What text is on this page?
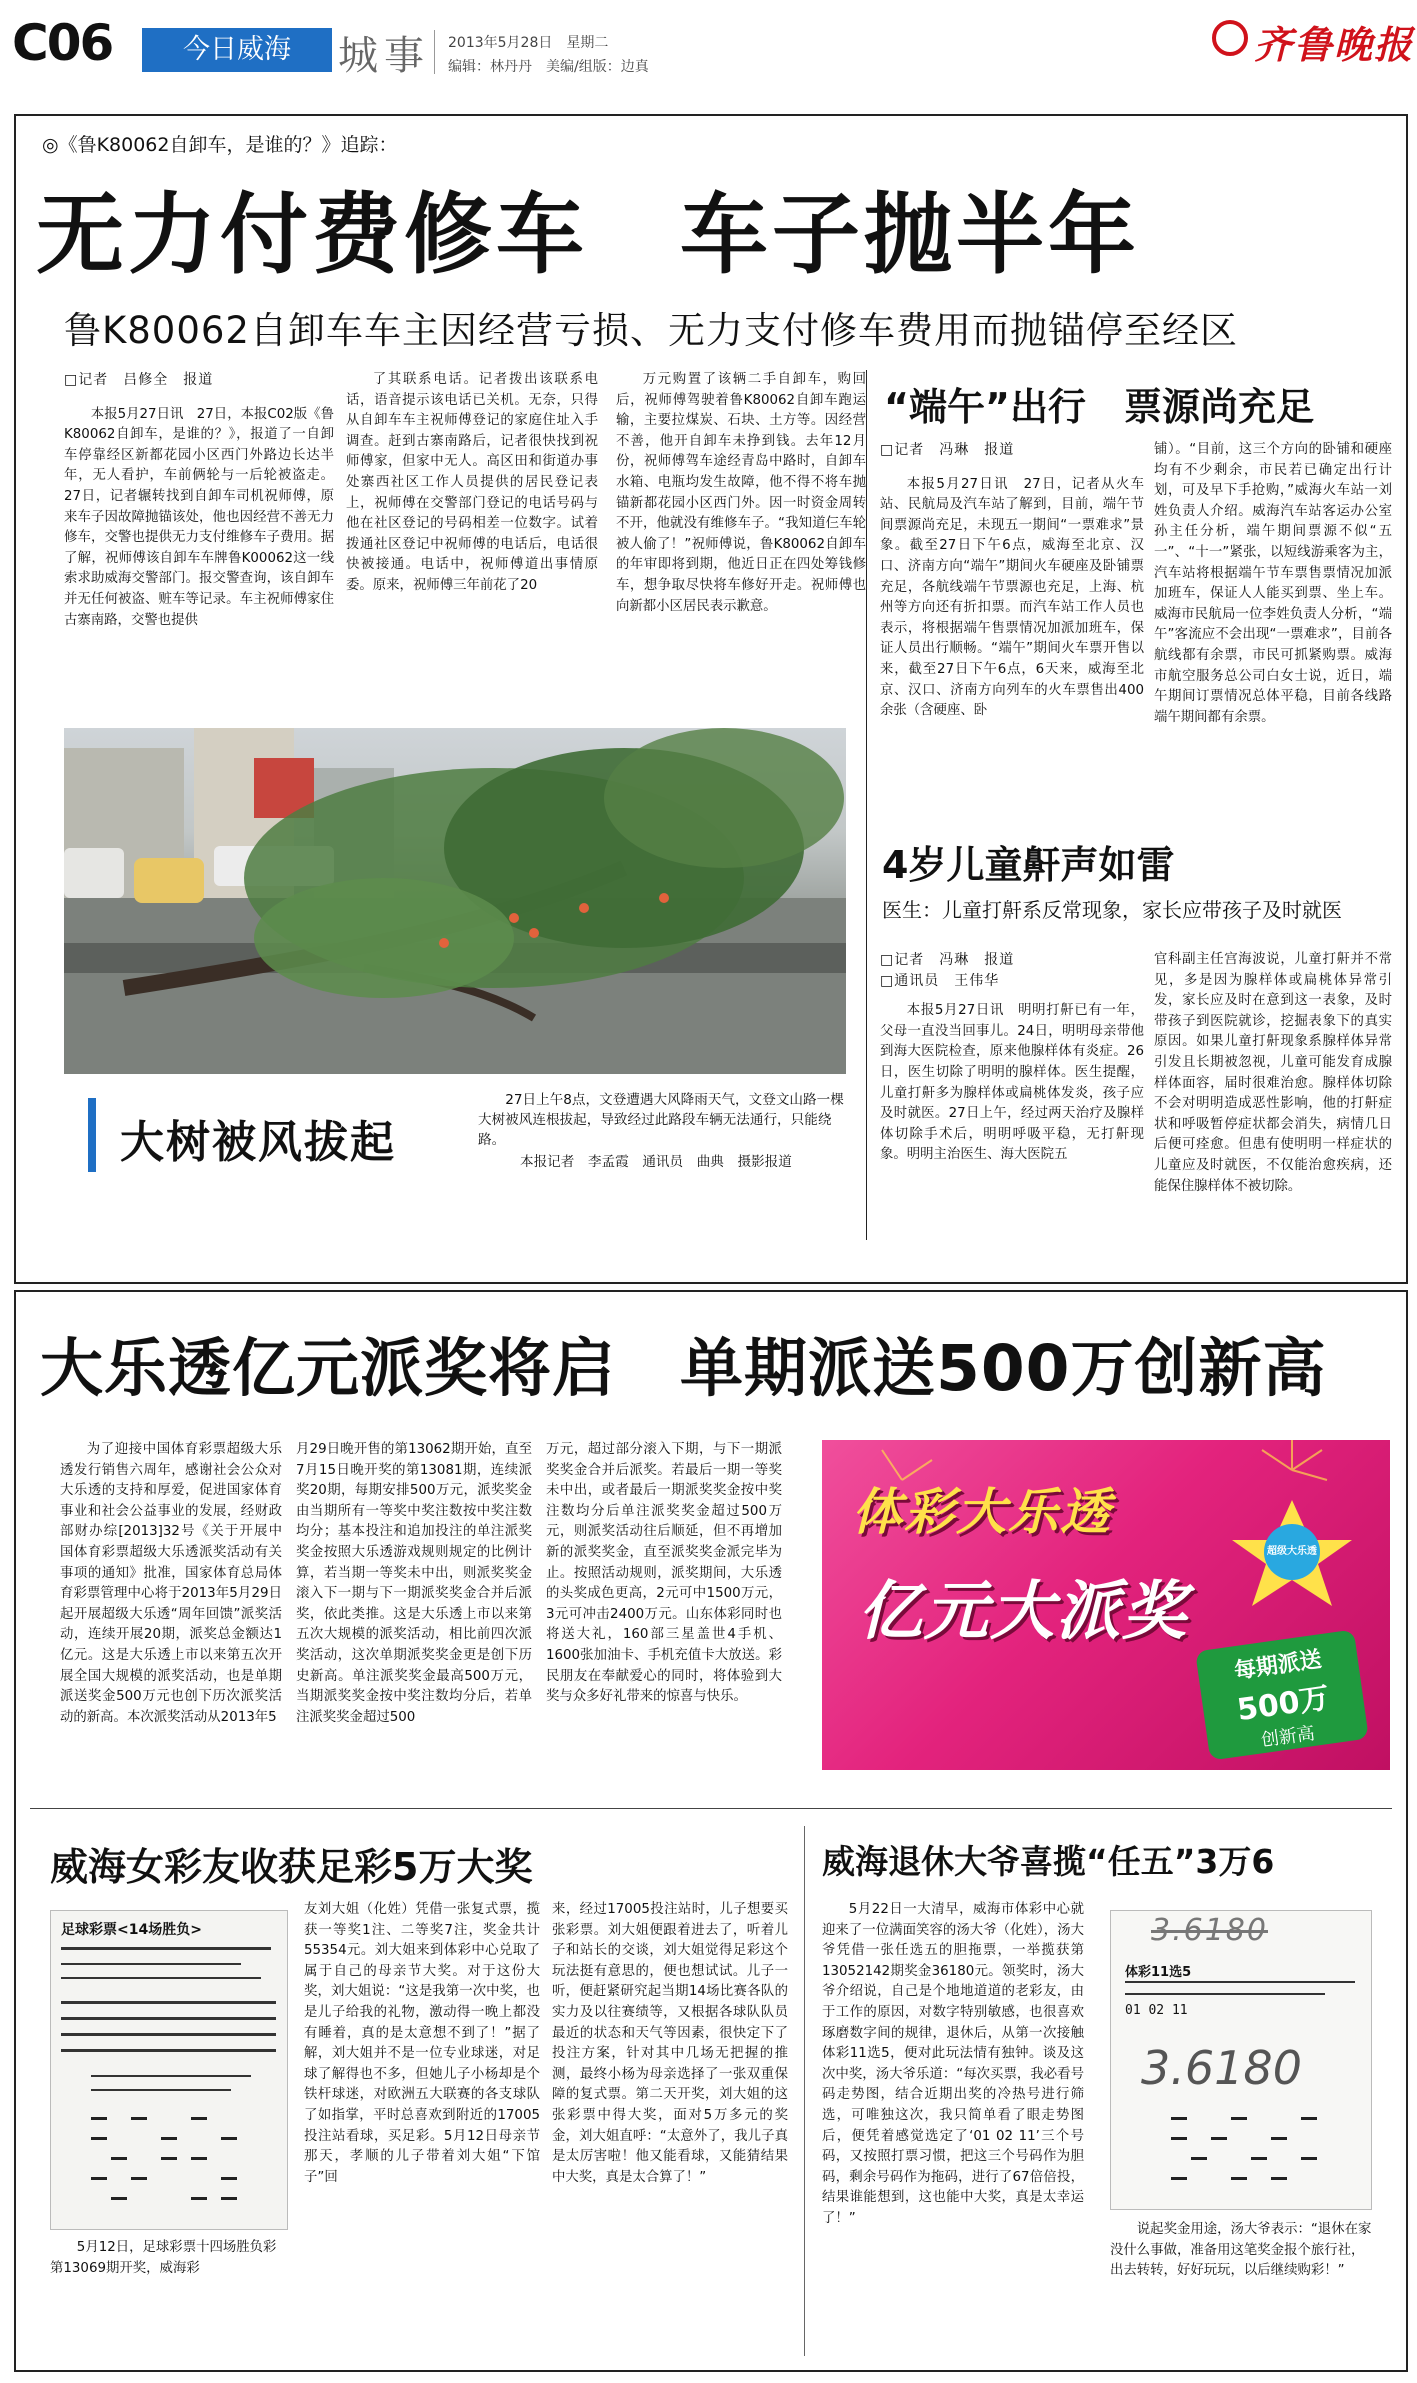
C06	今日威海	城事 2013年5月28日　星期二
编辑：林丹丹　美编/组版：边真	齐鲁晚报
◎《鲁K80062自卸车，是谁的？》追踪：
无力付费修车　车子抛半年
鲁K80062自卸车车主因经营亏损、无力支付修车费用而抛锚停至经区
□记者　吕修全　报道

本报5月27日讯　27日，本报C02版《鲁K80062自卸车，是谁的？》，报道了一自卸车停靠经区新都花园小区西门外路边长达半年，无人看护，车前俩轮与一后轮被盗走。27日，记者辗转找到自卸车司机祝师傅，原来车子因故障抛锚该处，他也因经营不善无力修车，交警也提供无力支付维修车子费用。据了解，祝师傅该自卸车车牌鲁K00062这一线索求助威海交警部门。报交警查询，该自卸车并无任何被盗、赃车等记录。车主祝师傅家住古寨南路，交警也提供

了其联系电话。记者拨出该联系电话，语音提示该电话已关机。无奈，只得从自卸车车主祝师傅登记的家庭住址入手调查。赶到古寨南路后，记者很快找到祝师傅家，但家中无人。高区田和街道办事处寨西社区工作人员提供的居民登记表上，祝师傅在交警部门登记的电话号码与他在社区登记的号码相差一位数字。试着拨通社区登记中祝师傅的电话后，电话很快被接通。电话中，祝师傅道出事情原委。原来，祝师傅三年前花了20

万元购置了该辆二手自卸车，购回后，祝师傅驾驶着鲁K80062自卸车跑运输，主要拉煤炭、石块、土方等。因经营不善，他开自卸车未挣到钱。去年12月份，祝师傅驾车途经青岛中路时，自卸车水箱、电瓶均发生故障，他不得不将车抛锚新都花园小区西门外。因一时资金周转不开，他就没有维修车子。“我知道仨车轮被人偷了！”祝师傅说，鲁K80062自卸车的年审即将到期，他近日正在四处筹钱修车，想争取尽快将车修好开走。祝师傅也向新都小区居民表示歉意。

大树被风拔起
27日上午8点，文登遭遇大风降雨天气，文登文山路一棵大树被风连根拔起，导致经过此路段车辆无法通行，只能绕路。
本报记者　李孟霞　通讯员　曲典　摄影报道
“端午”出行　票源尚充足
□记者　冯琳　报道

本报5月27日讯　27日，记者从火车站、民航局及汽车站了解到，目前，端午节间票源尚充足，未现五一期间“一票难求”景象。截至27日下午6点，威海至北京、汉口、济南方向“端午”期间火车硬座及卧铺票充足，各航线端午节票源也充足，上海、杭州等方向还有折扣票。而汽车站工作人员也表示，将根据端午售票情况加派加班车，保证人员出行顺畅。“端午”期间火车票开售以来，截至27日下午6点，6天来，威海至北京、汉口、济南方向列车的火车票售出400余张（含硬座、卧

铺）。“目前，这三个方向的卧铺和硬座均有不少剩余，市民若已确定出行计划，可及早下手抢购，”威海火车站一刘姓负责人介绍。威海汽车站客运办公室孙主任分析，端午期间票源不似“五一”、“十一”紧张，以短线游乘客为主，汽车站将根据端午节车票售票情况加派加班车，保证人人能买到票、坐上车。威海市民航局一位李姓负责人分析，“端午”客流应不会出现“一票难求”，目前各航线都有余票，市民可抓紧购票。威海市航空服务总公司白女士说，近日，端午期间订票情况总体平稳，目前各线路端午期间都有余票。

4岁儿童鼾声如雷
医生：儿童打鼾系反常现象，家长应带孩子及时就医
□记者　冯琳　报道
□通讯员　王伟华

本报5月27日讯　明明打鼾已有一年，父母一直没当回事儿。24日，明明母亲带他到海大医院检查，原来他腺样体有炎症。26日，医生切除了明明的腺样体。医生提醒，儿童打鼾多为腺样体或扁桃体发炎，孩子应及时就医。27日上午，经过两天治疗及腺样体切除手术后，明明呼吸平稳，无打鼾现象。明明主治医生、海大医院五

官科副主任宫海波说，儿童打鼾并不常见，多是因为腺样体或扁桃体异常引发，家长应及时在意到这一表象，及时带孩子到医院就诊，挖掘表象下的真实原因。如果儿童打鼾现象系腺样体异常引发且长期被忽视，儿童可能发育成腺样体面容，届时很难治愈。腺样体切除不会对明明造成恶性影响，他的打鼾症状和呼吸暂停症状都会消失，病情几日后便可痊愈。但患有使明明一样症状的儿童应及时就医，不仅能治愈疾病，还能保住腺样体不被切除。

大乐透亿元派奖将启　单期派送500万创新高

为了迎接中国体育彩票超级大乐透发行销售六周年，感谢社会公众对大乐透的支持和厚爱，促进国家体育事业和社会公益事业的发展，经财政部财办综[2013]32号《关于开展中国体育彩票超级大乐透派奖活动有关事项的通知》批准，国家体育总局体育彩票管理中心将于2013年5月29日起开展超级大乐透“周年回馈”派奖活动，连续开展20期，派奖总金额达1亿元。这是大乐透上市以来第五次开展全国大规模的派奖活动，也是单期派送奖金500万元也创下历次派奖活动的新高。本次派奖活动从2013年5

月29日晚开售的第13062期开始，直至7月15日晚开奖的第13081期，连续派奖20期，每期安排500万元，派奖奖金由当期所有一等奖中奖注数按中奖注数均分；基本投注和追加投注的单注派奖奖金按照大乐透游戏规则规定的比例计算，若当期一等奖未中出，则派奖奖金滚入下一期与下一期派奖奖金合并后派奖，依此类推。这是大乐透上市以来第五次大规模的派奖活动，相比前四次派奖活动，这次单期派奖奖金更是创下历史新高。单注派奖奖金最高500万元，当期派奖奖金按中奖注数均分后，若单注派奖奖金超过500

万元，超过部分滚入下期，与下一期派奖奖金合并后派奖。若最后一期一等奖未中出，或者最后一期派奖奖金按中奖注数均分后单注派奖奖金超过500万元，则派奖活动往后顺延，但不再增加新的派奖奖金，直至派奖奖金派完毕为止。按照活动规则，派奖期间，大乐透的头奖成色更高，2元可中1500万元，3元可冲击2400万元。山东体彩同时也将送大礼，160部三星盖世4手机、1600张加油卡、手机充值卡大放送。彩民朋友在奉献爱心的同时，将体验到大奖与众多好礼带来的惊喜与快乐。

超级大乐透
体彩大乐透
亿元大派奖
每期派送
500万
创新高
威海女彩友收获足彩5万大奖
足球彩票<14场胜负>
5月12日，足球彩票十四场胜负彩第13069期开奖，威海彩

友刘大姐（化姓）凭借一张复式票，揽获一等奖1注、二等奖7注，奖金共计55354元。刘大姐来到体彩中心兑取了属于自己的母亲节大奖。对于这份大奖，刘大姐说：“这是我第一次中奖，也是儿子给我的礼物，激动得一晚上都没有睡着，真的是太意想不到了！”据了解，刘大姐并不是一位专业球迷，对足球了解得也不多，但她儿子小杨却是个铁杆球迷，对欧洲五大联赛的各支球队了如指掌，平时总喜欢到附近的17005投注站看球，买足彩。5月12日母亲节那天，孝顺的儿子带着刘大姐“下馆子”回

来，经过17005投注站时，儿子想要买张彩票。刘大姐便跟着进去了，听着儿子和站长的交谈，刘大姐觉得足彩这个玩法挺有意思的，便也想试试。儿子一听，便赶紧研究起当期14场比赛各队的实力及以往赛绩等，又根据各球队队员最近的状态和天气等因素，很快定下了投注方案，针对其中几场无把握的推测，最终小杨为母亲选择了一张双重保障的复式票。第二天开奖，刘大姐的这张彩票中得大奖，面对5万多元的奖金，刘大姐直呼：“太意外了，我儿子真是太厉害啦！他又能看球，又能猜结果中大奖，真是太合算了！”

威海退休大爷喜揽“任五”3万6

5月22日一大清早，威海市体彩中心就迎来了一位满面笑容的汤大爷（化姓），汤大爷凭借一张任选五的胆拖票，一举揽获第13052142期奖金36180元。领奖时，汤大爷介绍说，自己是个地地道道的老彩友，由于工作的原因，对数字特别敏感，也很喜欢琢磨数字间的规律，退休后，从第一次接触体彩11选5，便对此玩法情有独钟。谈及这次中奖，汤大爷乐道：“每次买票，我必看号码走势图，结合近期出奖的冷热号进行筛选，可唯独这次，我只简单看了眼走势图后，便凭着感觉选定了‘01 02 11’三个号码，又按照打票习惯，把这三个号码作为胆码，剩余号码作为拖码，进行了67倍倍投，结果谁能想到，这也能中大奖，真是太幸运了！”

3.6180
体彩11选5
01 02 11
3.6180
说起奖金用途，汤大爷表示：“退休在家没什么事做，准备用这笔奖金报个旅行社，出去转转，好好玩玩，以后继续购彩！”
